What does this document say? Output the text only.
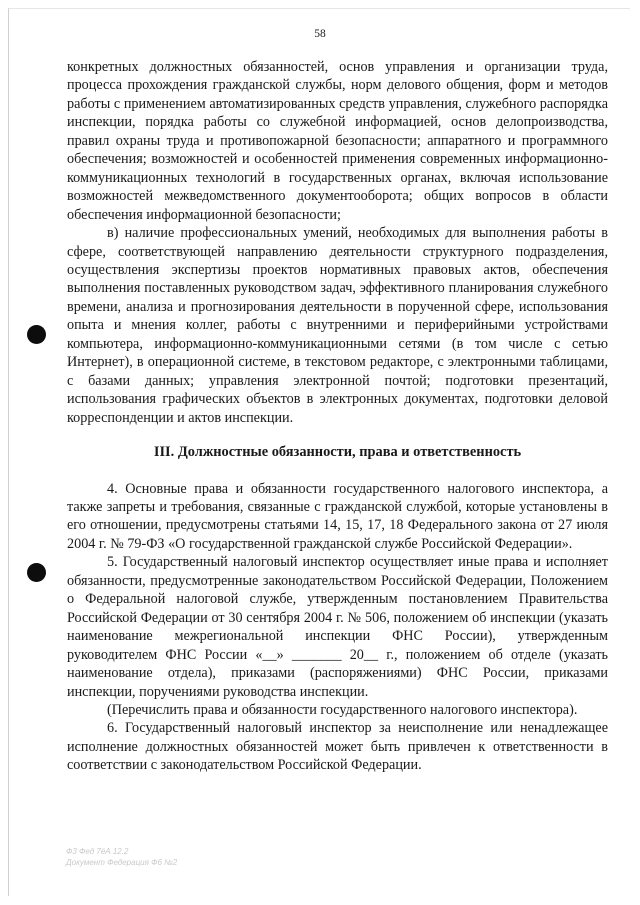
58

конкретных должностных обязанностей, основ управления и организации труда, процесса прохождения гражданской службы, норм делового общения, форм и методов работы с применением автоматизированных средств управления, служебного распорядка инспекции, порядка работы со служебной информацией, основ делопроизводства, правил охраны труда и противопожарной безопасности; аппаратного и программного обеспечения; возможностей и особенностей применения современных информационно-коммуникационных технологий в государственных органах, включая использование возможностей межведомственного документооборота; общих вопросов в области обеспечения информационной безопасности;

в) наличие профессиональных умений, необходимых для выполнения работы в сфере, соответствующей направлению деятельности структурного подразделения, осуществления экспертизы проектов нормативных правовых актов, обеспечения выполнения поставленных руководством задач, эффективного планирования служебного времени, анализа и прогнозирования деятельности в порученной сфере, использования опыта и мнения коллег, работы с внутренними и периферийными устройствами компьютера, информационно-коммуникационными сетями (в том числе с сетью Интернет), в операционной системе, в текстовом редакторе, с электронными таблицами, с базами данных; управления электронной почтой; подготовки презентаций, использования графических объектов в электронных документах, подготовки деловой корреспонденции и актов инспекции.

III. Должностные обязанности, права и ответственность

4. Основные права и обязанности государственного налогового инспектора, а также запреты и требования, связанные с гражданской службой, которые установлены в его отношении, предусмотрены статьями 14, 15, 17, 18 Федерального закона от 27 июля 2004 г. № 79-ФЗ «О государственной гражданской службе Российской Федерации».

5. Государственный налоговый инспектор осуществляет иные права и исполняет обязанности, предусмотренные законодательством Российской Федерации, Положением о Федеральной налоговой службе, утвержденным постановлением Правительства Российской Федерации от 30 сентября 2004 г. № 506, положением об инспекции (указать наименование межрегиональной инспекции ФНС России), утвержденным руководителем ФНС России «__» _______ 20__ г., положением об отделе (указать наименование отдела), приказами (распоряжениями) ФНС России, приказами инспекции, поручениями руководства инспекции.

(Перечислить права и обязанности государственного налогового инспектора).

6. Государственный налоговый инспектор за неисполнение или ненадлежащее исполнение должностных обязанностей может быть привлечен к ответственности в соответствии с законодательством Российской Федерации.

Ф3 Фед 7ёА 12.2
Документ Федерация Ф6 №2
